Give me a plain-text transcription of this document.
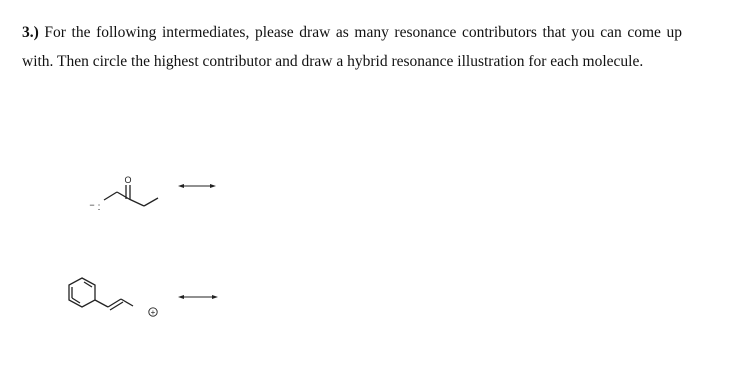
3.) For the following intermediates, please draw as many resonance contributors that you can come up with. Then circle the highest contributor and draw a hybrid resonance illustration for each molecule.

O
− :
+
